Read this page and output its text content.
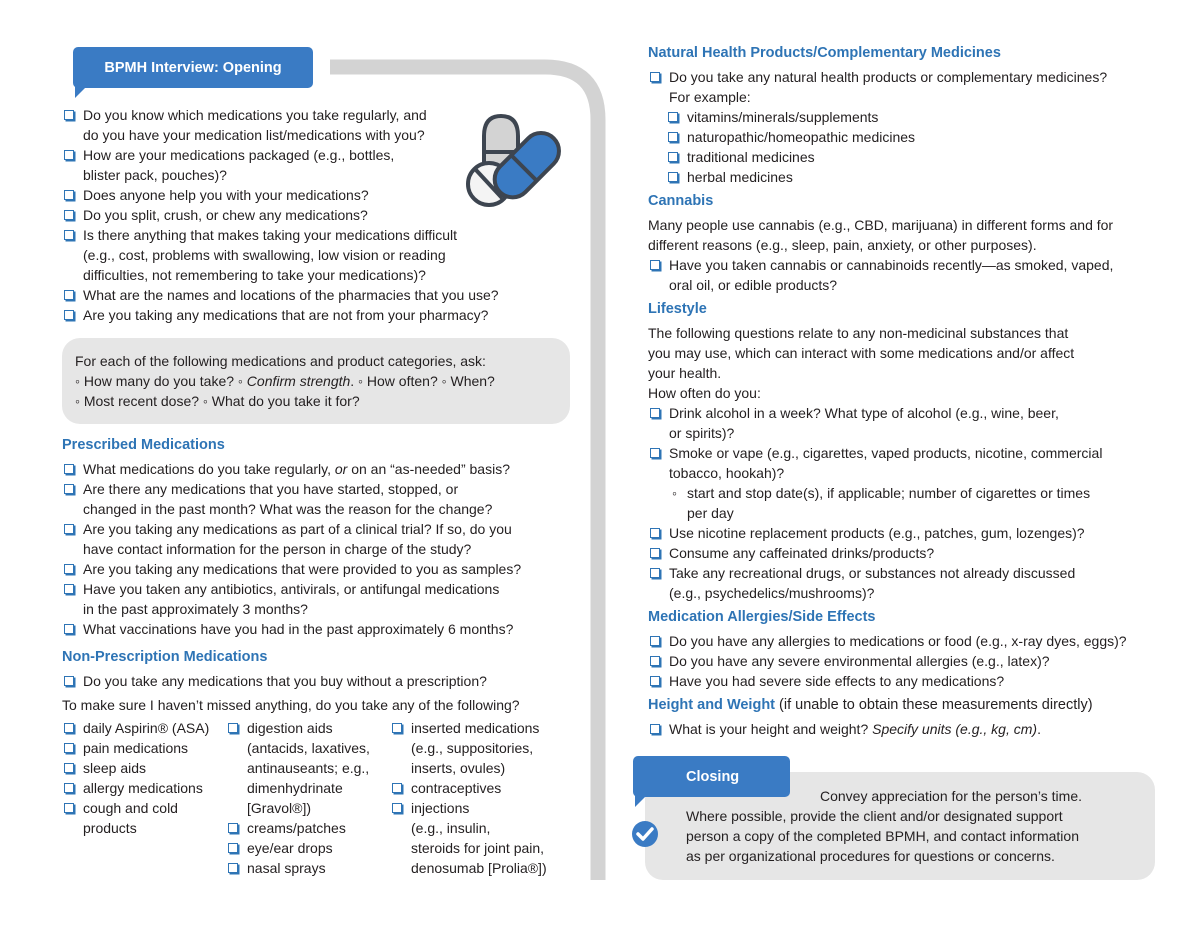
BPMH Interview: Opening
Do you know which medications you take regularly, and
do you have your medication list/medications with you?
How are your medications packaged (e.g., bottles,
blister pack, pouches)?
Does anyone help you with your medications?
Do you split, crush, or chew any medications?
Is there anything that makes taking your medications difficult
(e.g., cost, problems with swallowing, low vision or reading
difficulties, not remembering to take your medications)?
What are the names and locations of the pharmacies that you use?
Are you taking any medications that are not from your pharmacy?
For each of the following medications and product categories, ask:
◦ How many do you take? ◦ Confirm strength. ◦ How often? ◦ When?
◦ Most recent dose? ◦ What do you take it for?
Prescribed Medications
What medications do you take regularly, or on an “as-needed” basis?
Are there any medications that you have started, stopped, or
changed in the past month? What was the reason for the change?
Are you taking any medications as part of a clinical trial? If so, do you
have contact information for the person in charge of the study?
Are you taking any medications that were provided to you as samples?
Have you taken any antibiotics, antivirals, or antifungal medications
in the past approximately 3 months?
What vaccinations have you had in the past approximately 6 months?
Non-Prescription Medications
Do you take any medications that you buy without a prescription?
To make sure I haven’t missed anything, do you take any of the following?
daily Aspirin® (ASA)
pain medications
sleep aids
allergy medications
cough and cold
products
digestion aids
(antacids, laxatives,
antinauseants; e.g.,
dimenhydrinate
[Gravol®])
creams/patches
eye/ear drops
nasal sprays
inserted medications
(e.g., suppositories,
inserts, ovules)
contraceptives
injections
(e.g., insulin,
steroids for joint pain,
denosumab [Prolia®])
Natural Health Products/Complementary Medicines
Do you take any natural health products or complementary medicines?
For example:
vitamins/minerals/supplements
naturopathic/homeopathic medicines
traditional medicines
herbal medicines
Cannabis
Many people use cannabis (e.g., CBD, marijuana) in different forms and for
different reasons (e.g., sleep, pain, anxiety, or other purposes).
Have you taken cannabis or cannabinoids recently—as smoked, vaped,
oral oil, or edible products?
Lifestyle
The following questions relate to any non-medicinal substances that
you may use, which can interact with some medications and/or affect
your health.
How often do you:
Drink alcohol in a week? What type of alcohol (e.g., wine, beer,
or spirits)?
Smoke or vape (e.g., cigarettes, vaped products, nicotine, commercial
tobacco, hookah)?
◦ start and stop date(s), if applicable; number of cigarettes or times
per day
Use nicotine replacement products (e.g., patches, gum, lozenges)?
Consume any caffeinated drinks/products?
Take any recreational drugs, or substances not already discussed
(e.g., psychedelics/mushrooms)?
Medication Allergies/Side Effects
Do you have any allergies to medications or food (e.g., x-ray dyes, eggs)?
Do you have any severe environmental allergies (e.g., latex)?
Have you had severe side effects to any medications?
Height and Weight (if unable to obtain these measurements directly)
What is your height and weight? Specify units (e.g., kg, cm).
Closing
Convey appreciation for the person’s time.
Where possible, provide the client and/or designated support
person a copy of the completed BPMH, and contact information
as per organizational procedures for questions or concerns.
